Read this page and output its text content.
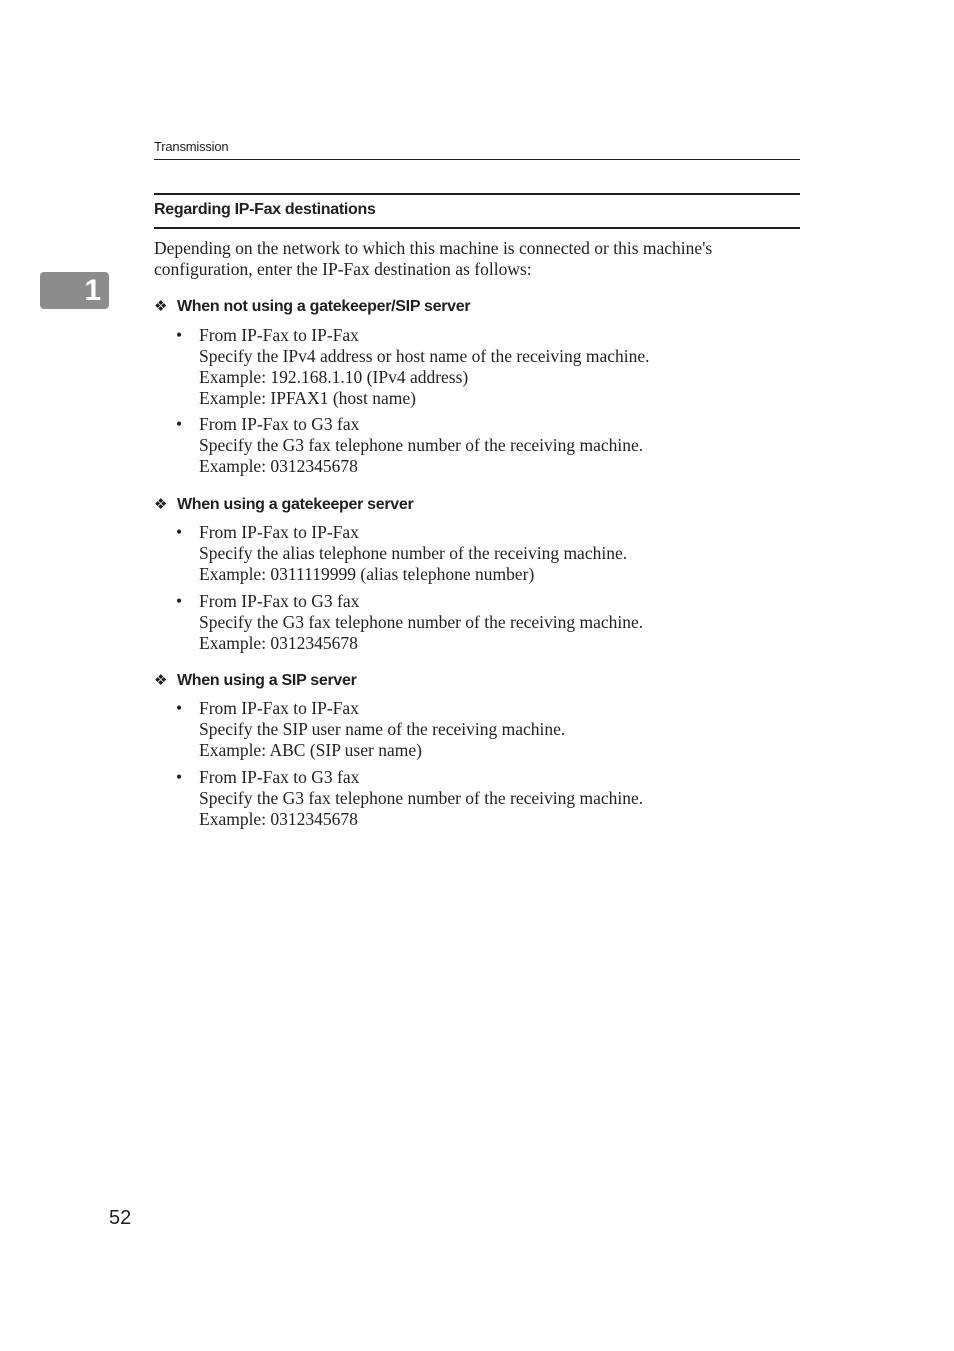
Transmission
Regarding IP-Fax destinations
1
Depending on the network to which this machine is connected or this machine's
configuration, enter the IP-Fax destination as follows:
❖ When not using a gatekeeper/SIP server
• From IP-Fax to IP-Fax
Specify the IPv4 address or host name of the receiving machine.
Example: 192.168.1.10 (IPv4 address)
Example: IPFAX1 (host name)
• From IP-Fax to G3 fax
Specify the G3 fax telephone number of the receiving machine.
Example: 0312345678
❖ When using a gatekeeper server
• From IP-Fax to IP-Fax
Specify the alias telephone number of the receiving machine.
Example: 0311119999 (alias telephone number)
• From IP-Fax to G3 fax
Specify the G3 fax telephone number of the receiving machine.
Example: 0312345678
❖ When using a SIP server
• From IP-Fax to IP-Fax
Specify the SIP user name of the receiving machine.
Example: ABC (SIP user name)
• From IP-Fax to G3 fax
Specify the G3 fax telephone number of the receiving machine.
Example: 0312345678
52
